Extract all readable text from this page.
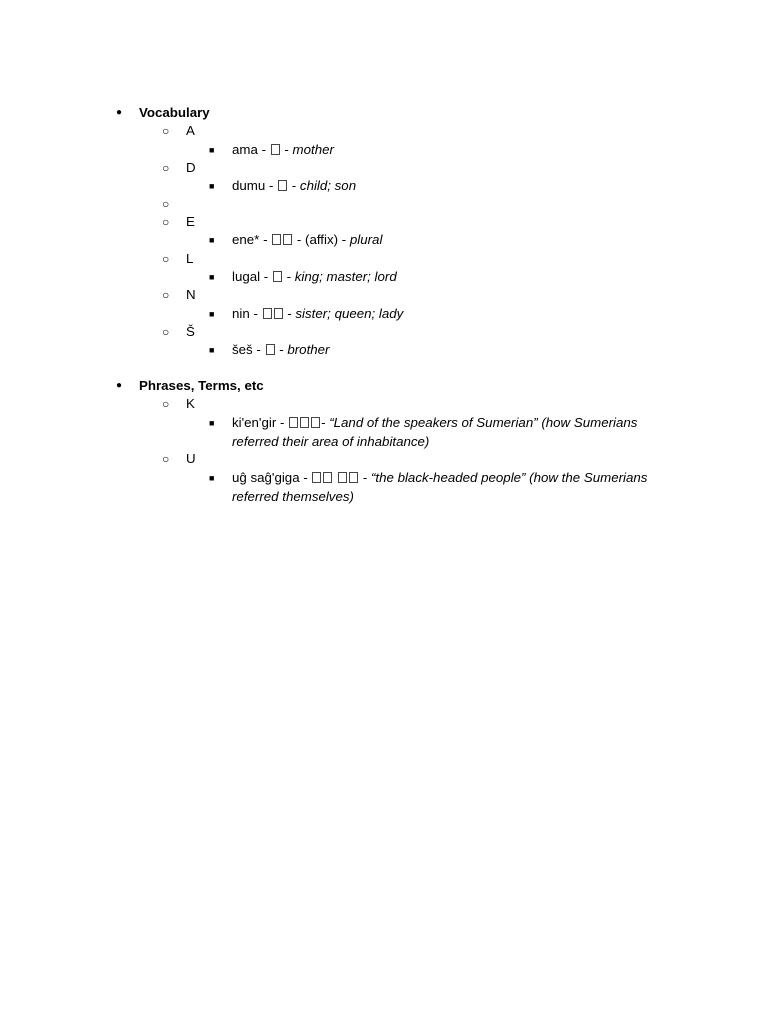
● Vocabulary
○ A
■ ama -  - mother
○ D
■ dumu -  - child; son
○
○ E
■ ene* -  - (affix) - plural
○ L
■ lugal -  - king; master; lord
○ N
■ nin -  - sister; queen; lady
○ Š
■ šeš -  - brother
● Phrases, Terms, etc
○ K
■ ki'en'gir - - “Land of the speakers of Sumerian” (how Sumerians referred their area of inhabitance)
○ U
■ uĝ saĝ'giga -	- “the black-headed people” (how the Sumerians referred themselves)
